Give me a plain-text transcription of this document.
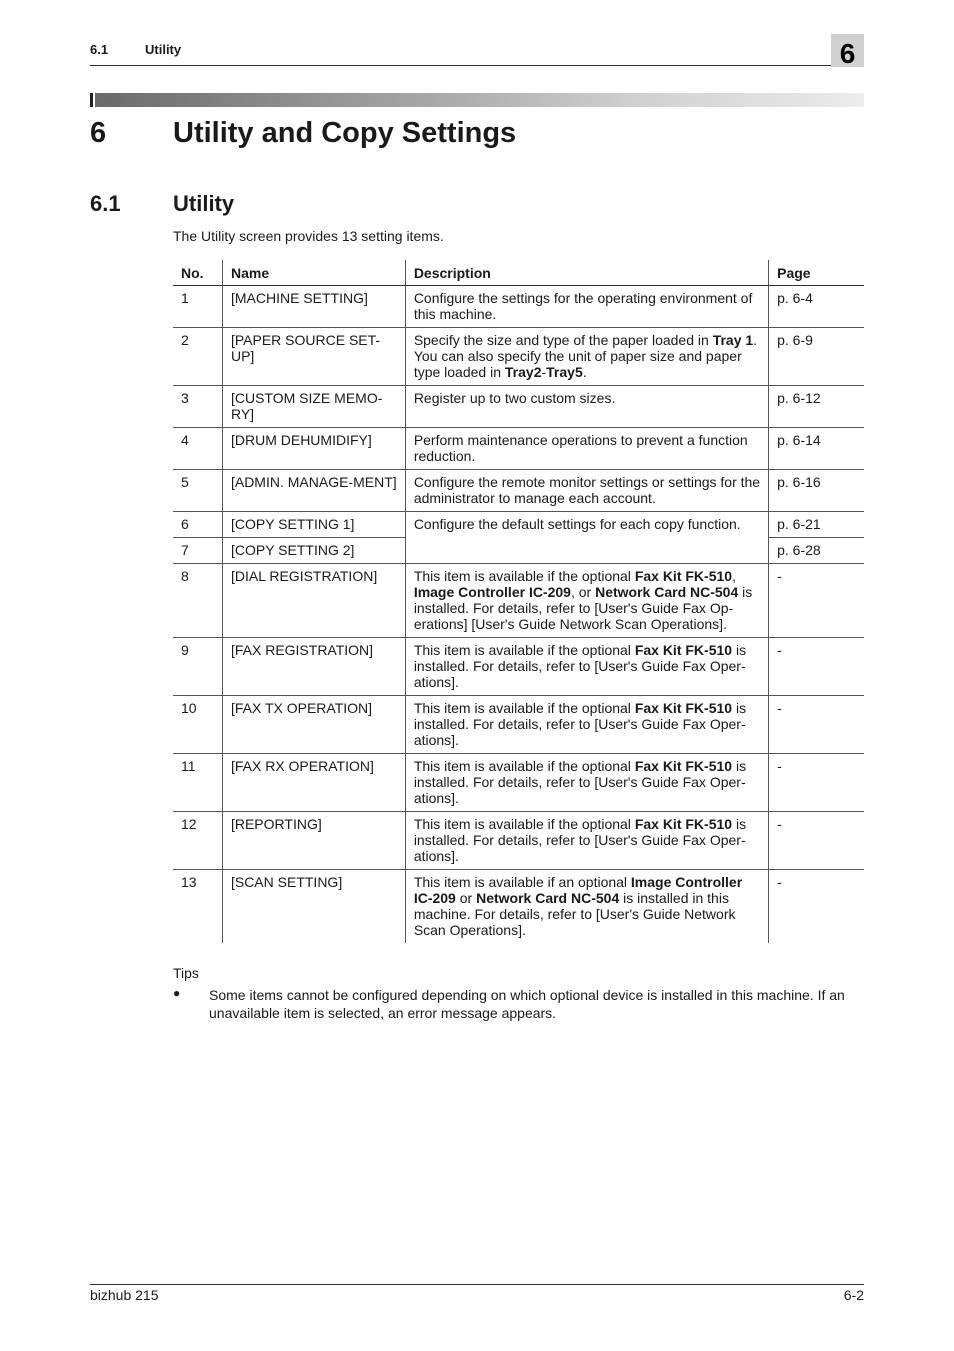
6.1	Utility	6
6 Utility and Copy Settings
6.1 Utility
The Utility screen provides 13 setting items.
No.	Name	Description	Page
1	[MACHINE SETTING]	Configure the settings for the operating environment of this machine.	p. 6-4
2	[PAPER SOURCE SET-UP]	Specify the size and type of the paper loaded in Tray 1. You can also specify the unit of paper size and paper type loaded in Tray2-Tray5.	p. 6-9
3	[CUSTOM SIZE MEMO-RY]	Register up to two custom sizes.	p. 6-12
4	[DRUM DEHUMIDIFY]	Perform maintenance operations to prevent a function reduction.	p. 6-14
5	[ADMIN. MANAGE-MENT]	Configure the remote monitor settings or settings for the administrator to manage each account.	p. 6-16
6	[COPY SETTING 1]	Configure the default settings for each copy function.	p. 6-21
7	[COPY SETTING 2]		p. 6-28
8	[DIAL REGISTRATION]	This item is available if the optional Fax Kit FK-510, Image Controller IC-209, or Network Card NC-504 is installed. For details, refer to [User's Guide Fax Op-erations] [User's Guide Network Scan Operations].	-
9	[FAX REGISTRATION]	This item is available if the optional Fax Kit FK-510 is installed. For details, refer to [User's Guide Fax Oper-ations].	-
10	[FAX TX OPERATION]	This item is available if the optional Fax Kit FK-510 is installed. For details, refer to [User's Guide Fax Oper-ations].	-
11	[FAX RX OPERATION]	This item is available if the optional Fax Kit FK-510 is installed. For details, refer to [User's Guide Fax Oper-ations].	-
12	[REPORTING]	This item is available if the optional Fax Kit FK-510 is installed. For details, refer to [User's Guide Fax Oper-ations].	-
13	[SCAN SETTING]	This item is available if an optional Image Controller IC-209 or Network Card NC-504 is installed in this machine. For details, refer to [User's Guide Network Scan Operations].	-
Tips
● Some items cannot be configured depending on which optional device is installed in this machine. If an unavailable item is selected, an error message appears.
bizhub 215	6-2
